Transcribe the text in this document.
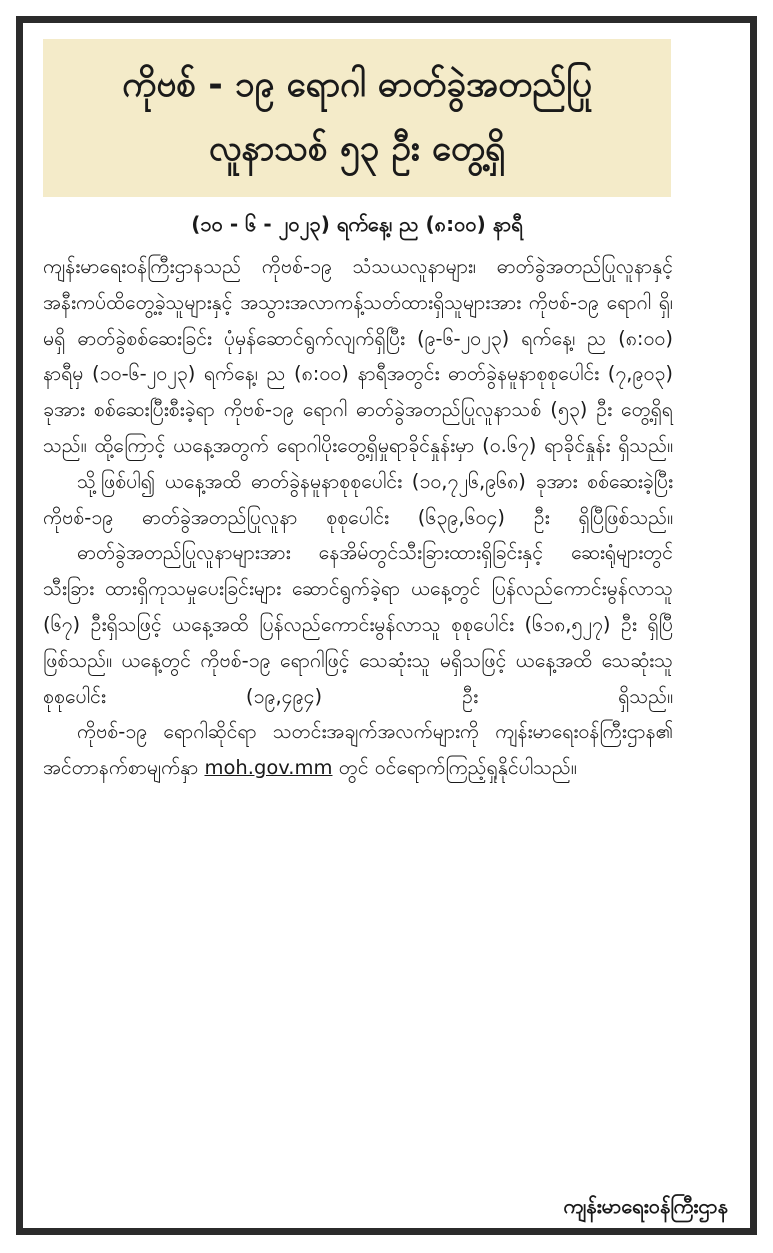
ကိုဗစ် - ၁၉ ရောဂါ ဓာတ်ခွဲအတည်ပြု
လူနာသစ် ၅၃ ဦး တွေ့ရှိ
(၁၀ - ၆ - ၂၀၂၃) ရက်နေ့၊ ည (၈:၀၀) နာရီ

ကျန်းမာရေးဝန်ကြီးဌာနသည် ကိုဗစ်-၁၉ သံသယလူနာများ၊ ဓာတ်ခွဲအတည်ပြုလူနာနှင့် အနီးကပ်ထိတွေ့ခဲ့သူများနှင့် အသွားအလာကန့်သတ်ထားရှိသူများအား ကိုဗစ်-၁၉ ရောဂါ ရှိ၊ မရှိ ဓာတ်ခွဲစစ်ဆေးခြင်း ပုံမှန်ဆောင်ရွက်လျက်ရှိပြီး (၉-၆-၂၀၂၃) ရက်နေ့၊ ည (၈:၀၀) နာရီမှ (၁၀-၆-၂၀၂၃) ရက်နေ့၊ ည (၈:၀၀) နာရီအတွင်း ဓာတ်ခွဲနမူနာစုစုပေါင်း (၇,၉၀၃) ခုအား စစ်ဆေးပြီးစီးခဲ့ရာ ကိုဗစ်-၁၉ ရောဂါ ဓာတ်ခွဲအတည်ပြုလူနာသစ် (၅၃) ဦး တွေ့ရှိရသည်။ ထို့ကြောင့် ယနေ့အတွက် ရောဂါပိုးတွေ့ရှိမှုရာခိုင်နှုန်းမှာ (၀.၆၇) ရာခိုင်နှုန်း ရှိသည်။

သို့ဖြစ်ပါ၍ ယနေ့အထိ ဓာတ်ခွဲနမူနာစုစုပေါင်း (၁၀,၇၂၆,၉၆၈) ခုအား စစ်ဆေးခဲ့ပြီး ကိုဗစ်-၁၉ ဓာတ်ခွဲအတည်ပြုလူနာ စုစုပေါင်း (၆၃၉,၆၀၄) ဦး ရှိပြီဖြစ်သည်။

ဓာတ်ခွဲအတည်ပြုလူနာများအား နေအိမ်တွင်သီးခြားထားရှိခြင်းနှင့် ဆေးရုံများတွင် သီးခြား ထားရှိကုသမှုပေးခြင်းများ ဆောင်ရွက်ခဲ့ရာ ယနေ့တွင် ပြန်လည်ကောင်းမွန်လာသူ (၆၇) ဦးရှိသဖြင့် ယနေ့အထိ ပြန်လည်ကောင်းမွန်လာသူ စုစုပေါင်း (၆၁၈,၅၂၇) ဦး ရှိပြီဖြစ်သည်။ ယနေ့တွင် ကိုဗစ်-၁၉ ရောဂါဖြင့် သေဆုံးသူ မရှိသဖြင့် ယနေ့အထိ သေဆုံးသူစုစုပေါင်း (၁၉,၄၉၄) ဦး ရှိသည်။

ကိုဗစ်-၁၉ ရောဂါဆိုင်ရာ သတင်းအချက်အလက်များကို ကျန်းမာရေးဝန်ကြီးဌာန၏ အင်တာနက်စာမျက်နှာ moh.gov.mm တွင် ဝင်ရောက်ကြည့်ရှုနိုင်ပါသည်။

ကျန်းမာရေးဝန်ကြီးဌာန
